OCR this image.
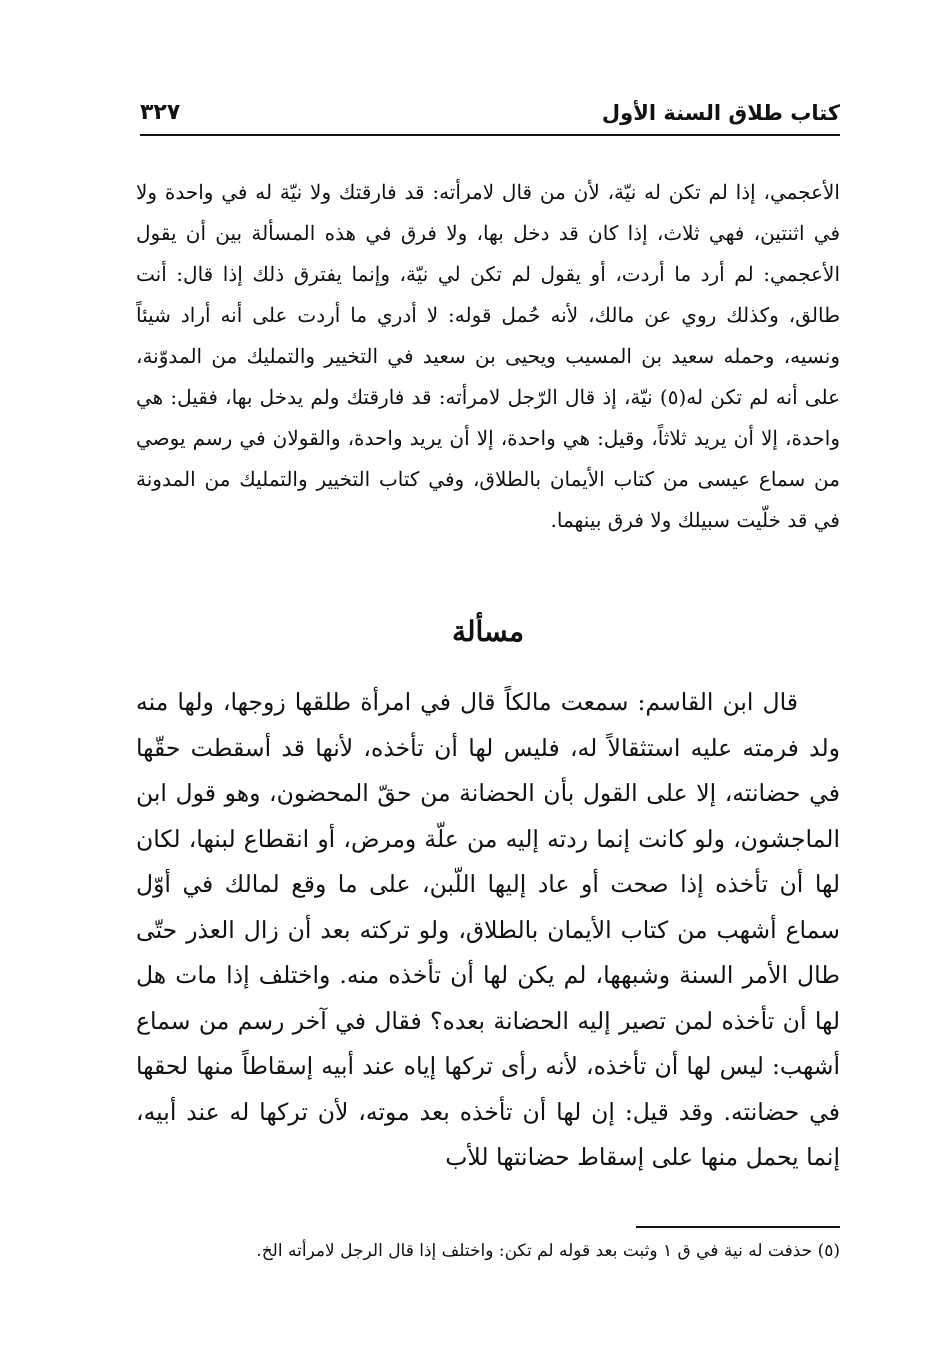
كتاب طلاق السنة الأول
٣٢٧

الأعجمي، إذا لم تكن له نيّة، لأن من قال لامرأته: قد فارقتك ولا نيّة له في واحدة ولا في اثنتين، فهي ثلاث، إذا كان قد دخل بها، ولا فرق في هذه المسألة بين أن يقول الأعجمي: لم أرد ما أردت، أو يقول لم تكن لي نيّة، وإنما يفترق ذلك إذا قال: أنت طالق، وكذلك روي عن مالك، لأنه حُمل قوله: لا أدري ما أردت على أنه أراد شيئاً ونسيه، وحمله سعيد بن المسيب ويحيى بن سعيد في التخيير والتمليك من المدوّنة، على أنه لم تكن له(٥) نيّة، إذ قال الرّجل لامرأته: قد فارقتك ولم يدخل بها، فقيل: هي واحدة، إلا أن يريد ثلاثاً، وقيل: هي واحدة، إلا أن يريد واحدة، والقولان في رسم يوصي من سماع عيسى من كتاب الأيمان بالطلاق، وفي كتاب التخيير والتمليك من المدونة في قد خلّيت سبيلك ولا فرق بينهما.

مسألة

قال ابن القاسم: سمعت مالكاً قال في امرأة طلقها زوجها، ولها منه ولد فرمته عليه استثقالاً له، فليس لها أن تأخذه، لأنها قد أسقطت حقّها في حضانته، إلا على القول بأن الحضانة من حقّ المحضون، وهو قول ابن الماجشون، ولو كانت إنما ردته إليه من علّة ومرض، أو انقطاع لبنها، لكان لها أن تأخذه إذا صحت أو عاد إليها اللّبن، على ما وقع لمالك في أوّل سماع أشهب من كتاب الأيمان بالطلاق، ولو تركته بعد أن زال العذر حتّى طال الأمر السنة وشبهها، لم يكن لها أن تأخذه منه. واختلف إذا مات هل لها أن تأخذه لمن تصير إليه الحضانة بعده؟ فقال في آخر رسم من سماع أشهب: ليس لها أن تأخذه، لأنه رأى تركها إياه عند أبيه إسقاطاً منها لحقها في حضانته. وقد قيل: إن لها أن تأخذه بعد موته، لأن تركها له عند أبيه، إنما يحمل منها على إسقاط حضانتها للأب

(٥) حذفت له نية في ق ١ وثبت بعد قوله لم تكن: واختلف إذا قال الرجل لامرأته الخ.
